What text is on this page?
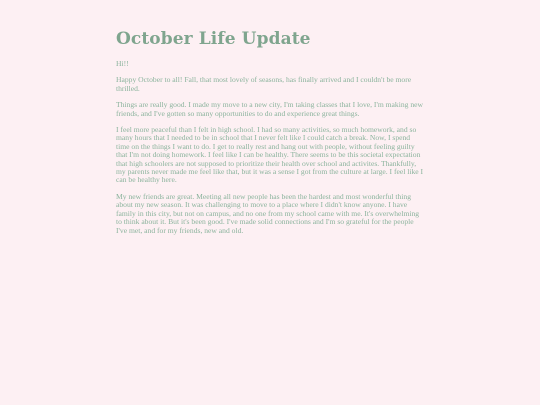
October Life Update

Hi!!

Happy October to all! Fall, that most lovely of seasons, has finally arrived and I couldn't be more thrilled.

Things are really good. I made my move to a new city, I'm taking classes that I love, I'm making new friends, and I've gotten so many opportunities to do and experience great things.

I feel more peaceful than I felt in high school. I had so many activities, so much homework, and so many hours that I needed to be in school that I never felt like I could catch a break. Now, I spend time on the things I want to do. I get to really rest and hang out with people, without feeling guilty that I'm not doing homework. I feel like I can be healthy. There seems to be this societal expectation that high schoolers are not supposed to prioritize their health over school and activites. Thankfully, my parents never made me feel like that, but it was a sense I got from the culture at large. I feel like I can be healthy here.

My new friends are great. Meeting all new people has been the hardest and most wonderful thing about my new season. It was challenging to move to a place where I didn't know anyone. I have family in this city, but not on campus, and no one from my school came with me. It's overwhelming to think about it. But it's been good. I've made solid connections and I'm so grateful for the people I've met, and for my friends, new and old.
